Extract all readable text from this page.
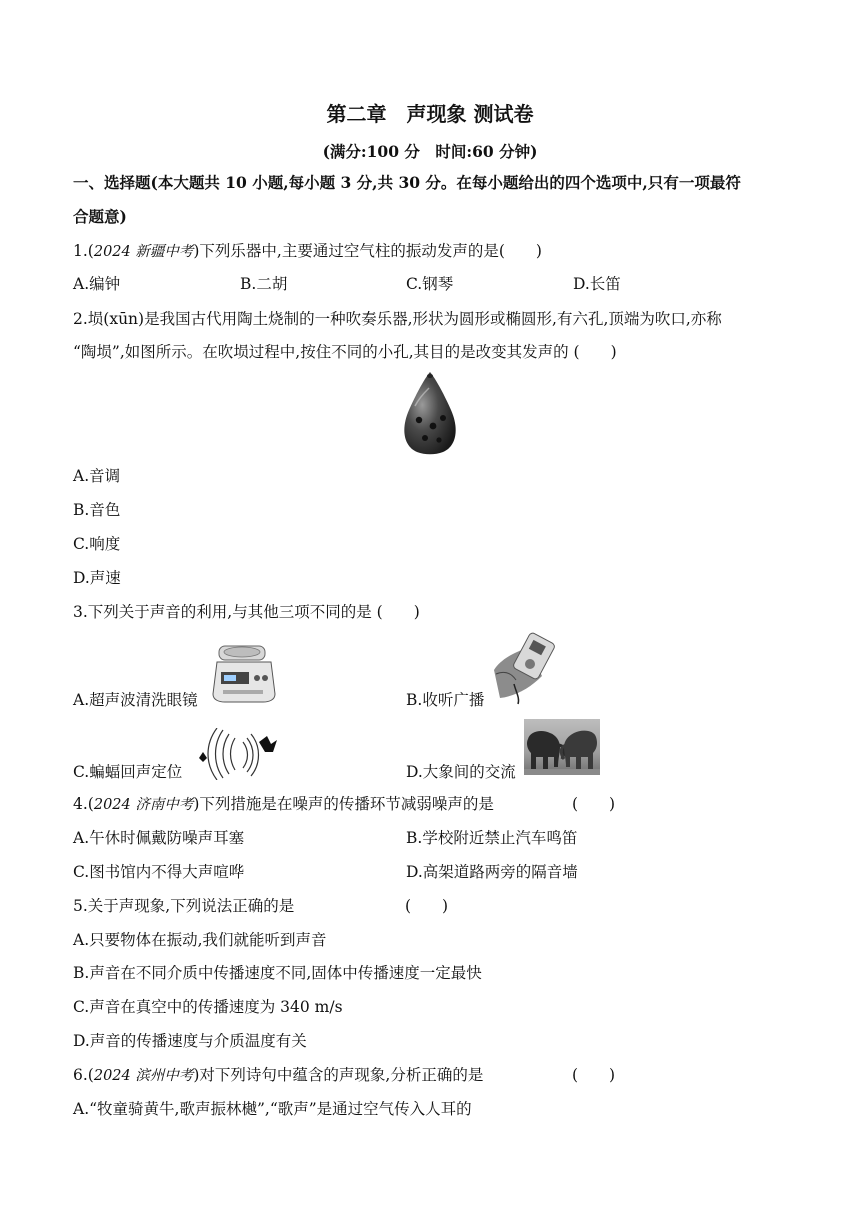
第二章　声现象 测试卷
(满分:100 分　时间:60 分钟)
一、选择题(本大题共 10 小题,每小题 3 分,共 30 分。在每小题给出的四个选项中,只有一项最符
合题意)
1.(2024 新疆中考)下列乐器中,主要通过空气柱的振动发声的是(　　)
A.编钟	B.二胡	C.钢琴	D.长笛
2.埙(xūn)是我国古代用陶土烧制的一种吹奏乐器,形状为圆形或椭圆形,有六孔,顶端为吹口,亦称
“陶埙”,如图所示。在吹埙过程中,按住不同的小孔,其目的是改变其发声的 (　　)
A.音调
B.音色
C.响度
D.声速
3.下列关于声音的利用,与其他三项不同的是 (　　)
A.超声波清洗眼镜	B.收听广播
C.蝙蝠回声定位	D.大象间的交流
4.(2024 济南中考)下列措施是在噪声的传播环节减弱噪声的是	(　　)
A.午休时佩戴防噪声耳塞	B.学校附近禁止汽车鸣笛
C.图书馆内不得大声喧哗	D.高架道路两旁的隔音墙
5.关于声现象,下列说法正确的是	(　　)
A.只要物体在振动,我们就能听到声音
B.声音在不同介质中传播速度不同,固体中传播速度一定最快
C.声音在真空中的传播速度为 340 m/s
D.声音的传播速度与介质温度有关
6.(2024 滨州中考)对下列诗句中蕴含的声现象,分析正确的是	(　　)
A.“牧童骑黄牛,歌声振林樾”,“歌声”是通过空气传入人耳的
